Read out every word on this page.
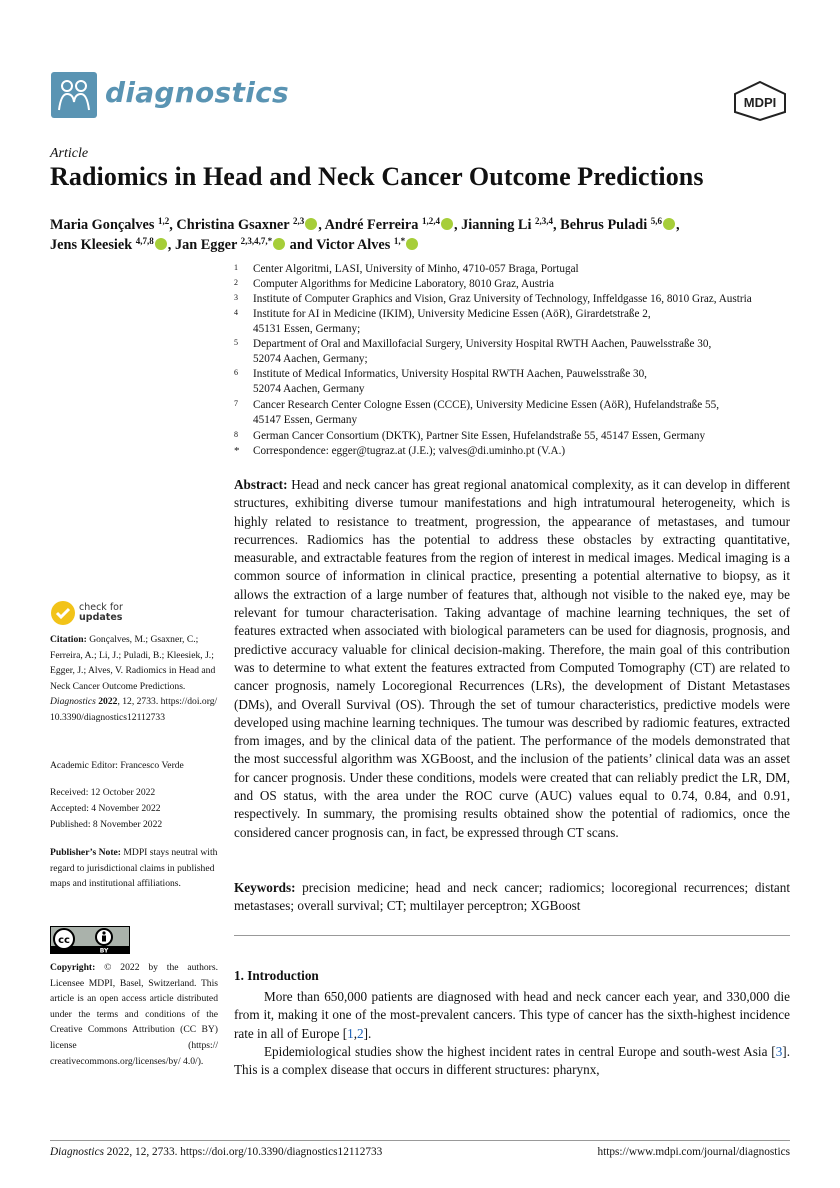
diagnostics	MDPI
Article
Radiomics in Head and Neck Cancer Outcome Predictions
Maria Gonçalves $^{1,2}$, Christina Gsaxner $^{2,3}$ , André Ferreira $^{1,2,4}$ , Jianning Li $^{2,3,4}$, Behrus Puladi $^{5,6}$ ,
Jens Kleesiek $^{4,7,8}$ , Jan Egger $^{2,3,4,7,*}$ and Victor Alves $^{1,*}$
1 Center Algoritmi, LASI, University of Minho, 4710-057 Braga, Portugal
2 Computer Algorithms for Medicine Laboratory, 8010 Graz, Austria
3 Institute of Computer Graphics and Vision, Graz University of Technology, Inffeldgasse 16, 8010 Graz, Austria
4 Institute for AI in Medicine (IKIM), University Medicine Essen (AöR), Girardetstraße 2,
45131 Essen, Germany;
5 Department of Oral and Maxillofacial Surgery, University Hospital RWTH Aachen, Pauwelsstraße 30,
52074 Aachen, Germany;
6 Institute of Medical Informatics, University Hospital RWTH Aachen, Pauwelsstraße 30,
52074 Aachen, Germany
7 Cancer Research Center Cologne Essen (CCCE), University Medicine Essen (AöR), Hufelandstraße 55,
45147 Essen, Germany
8 German Cancer Consortium (DKTK), Partner Site Essen, Hufelandstraße 55, 45147 Essen, Germany
* Correspondence: egger@tugraz.at (J.E.); valves@di.uminho.pt (V.A.)
Abstract: Head and neck cancer has great regional anatomical complexity, as it can develop in different structures, exhibiting diverse tumour manifestations and high intratumoural heterogeneity, which is highly related to resistance to treatment, progression, the appearance of metastases, and tumour recurrences. Radiomics has the potential to address these obstacles by extracting quantitative, measurable, and extractable features from the region of interest in medical images. Medical imaging is a common source of information in clinical practice, presenting a potential alternative to biopsy, as it allows the extraction of a large number of features that, although not visible to the naked eye, may be relevant for tumour characterisation. Taking advantage of machine learning techniques, the set of features extracted when associated with biological parameters can be used for diagnosis, prognosis, and predictive accuracy valuable for clinical decision-making. Therefore, the main goal of this contribution was to determine to what extent the features extracted from Computed Tomography (CT) are related to cancer prognosis, namely Locoregional Recurrences (LRs), the development of Distant Metastases (DMs), and Overall Survival (OS). Through the set of tumour characteristics, predictive models were developed using machine learning techniques. The tumour was described by radiomic features, extracted from images, and by the clinical data of the patient. The performance of the models demonstrated that the most successful algorithm was XGBoost, and the inclusion of the patients’ clinical data was an asset for cancer prognosis. Under these conditions, models were created that can reliably predict the LR, DM, and OS status, with the area under the ROC curve (AUC) values equal to 0.74, 0.84, and 0.91, respectively. In summary, the promising results obtained show the potential of radiomics, once the considered cancer prognosis can, in fact, be expressed through CT scans.
Keywords: precision medicine; head and neck cancer; radiomics; locoregional recurrences; distant metastases; overall survival; CT; multilayer perceptron; XGBoost
1. Introduction
More than 650,000 patients are diagnosed with head and neck cancer each year, and 330,000 die from it, making it one of the most-prevalent cancers. This type of cancer has the sixth-highest incidence rate in all of Europe [1,2].
Epidemiological studies show the highest incident rates in central Europe and south-west Asia [3]. This is a complex disease that occurs in different structures: pharynx,
check for
updates
Citation: Gonçalves, M.; Gsaxner, C.; Ferreira, A.; Li, J.; Puladi, B.; Kleesiek, J.; Egger, J.; Alves, V. Radiomics in Head and Neck Cancer Outcome Predictions. Diagnostics 2022, 12, 2733. https://doi.org/ 10.3390/diagnostics12112733
Academic Editor: Francesco Verde
Received: 12 October 2022
Accepted: 4 November 2022
Published: 8 November 2022
Publisher’s Note: MDPI stays neutral with regard to jurisdictional claims in published maps and institutional affiliations.
cc
BY
Copyright: © 2022 by the authors. Licensee MDPI, Basel, Switzerland. This article is an open access article distributed under the terms and conditions of the Creative Commons Attribution (CC BY) license (https:// creativecommons.org/licenses/by/ 4.0/).
Diagnostics 2022, 12, 2733. https://doi.org/10.3390/diagnostics12112733	https://www.mdpi.com/journal/diagnostics
